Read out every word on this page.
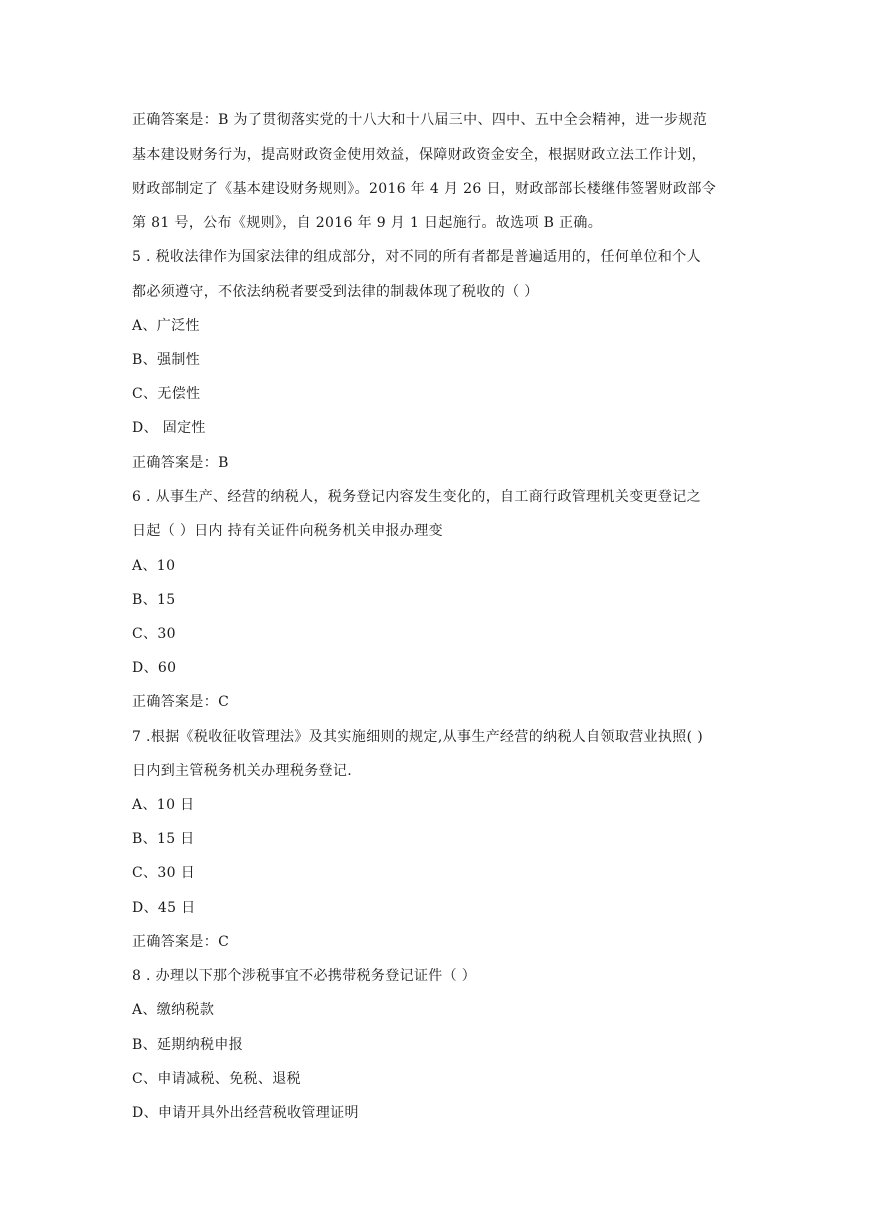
正确答案是：B 为了贯彻落实党的十八大和十八届三中、四中、五中全会精神，进一步规范
基本建设财务行为，提高财政资金使用效益，保障财政资金安全，根据财政立法工作计划，
财政部制定了《基本建设财务规则》。2016 年 4 月 26 日，财政部部长楼继伟签署财政部令
第 81 号，公布《规则》，自 2016 年 9 月 1 日起施行。故选项 B 正确。
5 . 税收法律作为国家法律的组成部分，对不同的所有者都是普遍适用的，任何单位和个人
都必须遵守，不依法纳税者要受到法律的制裁体现了税收的（ ）
A、广泛性
B、强制性
C、无偿性
D、 固定性
正确答案是：B
6 . 从事生产、经营的纳税人，税务登记内容发生变化的，自工商行政管理机关变更登记之
日起（ ）日内 持有关证件向税务机关申报办理变
A、10
B、15
C、30
D、60
正确答案是：C
7 .根据《税收征收管理法》及其实施细则的规定,从事生产经营的纳税人自领取营业执照( )
日内到主管税务机关办理税务登记.
A、10 日
B、15 日
C、30 日
D、45 日
正确答案是：C
8 . 办理以下那个涉税事宜不必携带税务登记证件（ ）
A、缴纳税款
B、延期纳税申报
C、申请减税、免税、退税
D、申请开具外出经营税收管理证明
